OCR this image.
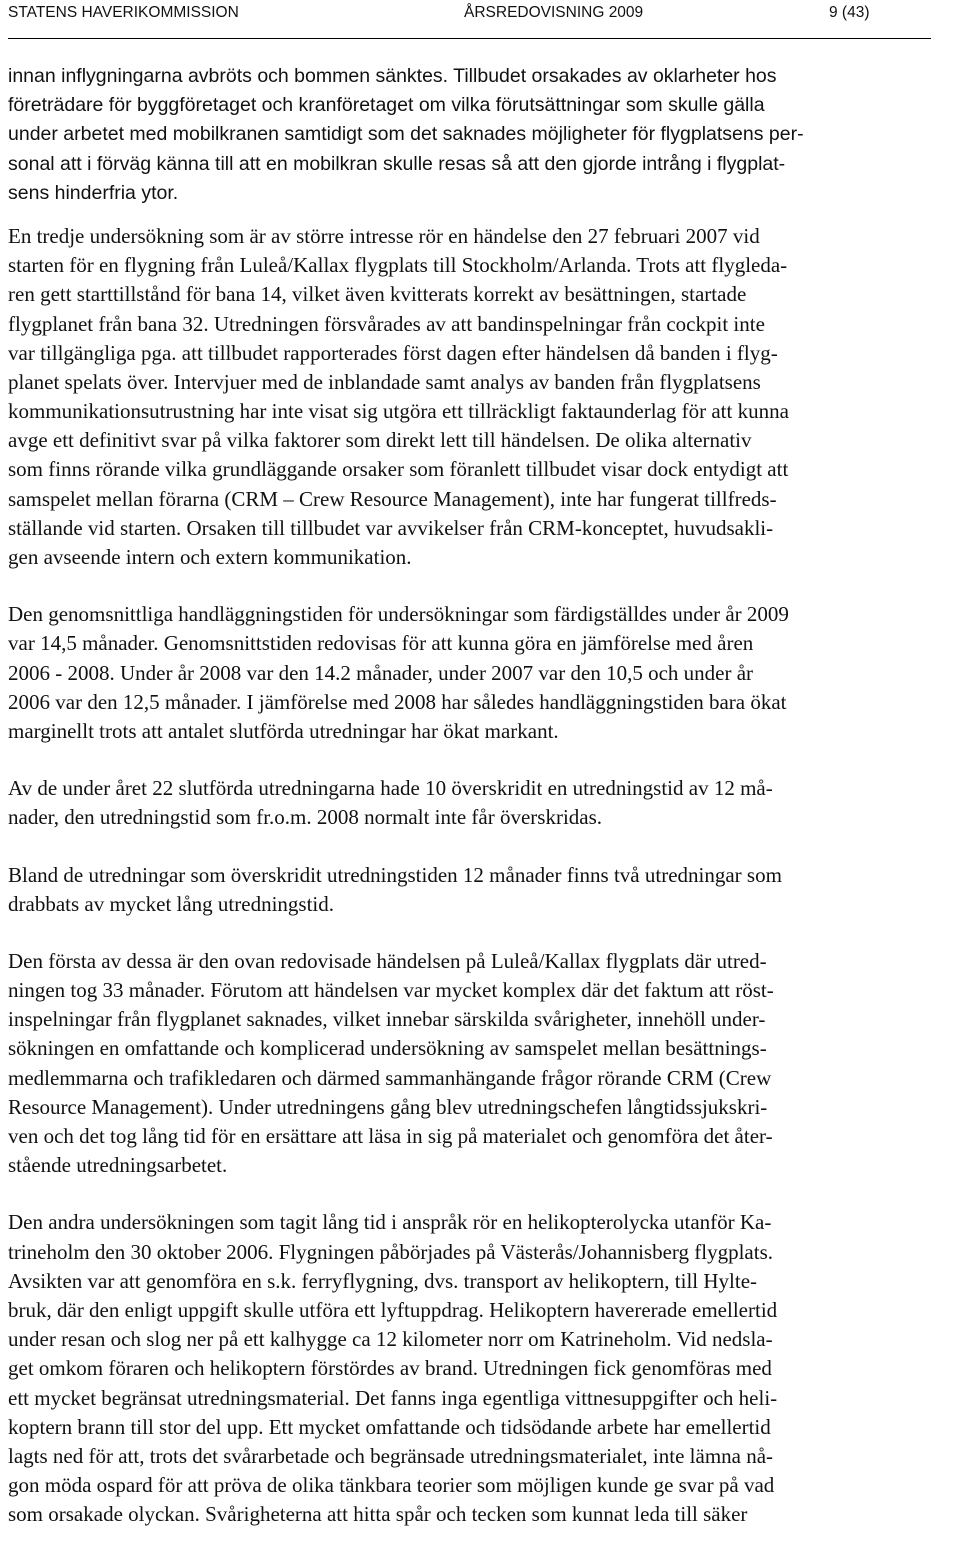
STATENS HAVERIKOMMISSION	ÅRSREDOVISNING 2009	9 (43)

innan inflygningarna avbröts och bommen sänktes. Tillbudet orsakades av oklarheter hos
företrädare för byggföretaget och kranföretaget om vilka förutsättningar som skulle gälla
under arbetet med mobilkranen samtidigt som det saknades möjligheter för flygplatsens per-
sonal att i förväg känna till att en mobilkran skulle resas så att den gjorde intrång i flygplat-
sens hinderfria ytor.

En tredje undersökning som är av större intresse rör en händelse den 27 februari 2007 vid
starten för en flygning från Luleå/Kallax flygplats till Stockholm/Arlanda. Trots att flygleda-
ren gett starttillstånd för bana 14, vilket även kvitterats korrekt av besättningen, startade
flygplanet från bana 32. Utredningen försvårades av att bandinspelningar från cockpit inte
var tillgängliga pga. att tillbudet rapporterades först dagen efter händelsen då banden i flyg-
planet spelats över. Intervjuer med de inblandade samt analys av banden från flygplatsens
kommunikationsutrustning har inte visat sig utgöra ett tillräckligt faktaunderlag för att kunna
avge ett definitivt svar på vilka faktorer som direkt lett till händelsen. De olika alternativ
som finns rörande vilka grundläggande orsaker som föranlett tillbudet visar dock entydigt att
samspelet mellan förarna (CRM – Crew Resource Management), inte har fungerat tillfreds-
ställande vid starten. Orsaken till tillbudet var avvikelser från CRM-konceptet, huvudsakli-
gen avseende intern och extern kommunikation.

Den genomsnittliga handläggningstiden för undersökningar som färdigställdes under år 2009
var 14,5 månader. Genomsnittstiden redovisas för att kunna göra en jämförelse med åren
2006 - 2008. Under år 2008 var den 14.2 månader, under 2007 var den 10,5 och under år
2006 var den 12,5 månader. I jämförelse med 2008 har således handläggningstiden bara ökat
marginellt trots att antalet slutförda utredningar har ökat markant.

Av de under året 22 slutförda utredningarna hade 10 överskridit en utredningstid av 12 må-
nader, den utredningstid som fr.o.m. 2008 normalt inte får överskridas.

Bland de utredningar som överskridit utredningstiden 12 månader finns två utredningar som
drabbats av mycket lång utredningstid.

Den första av dessa är den ovan redovisade händelsen på Luleå/Kallax flygplats där utred-
ningen tog 33 månader. Förutom att händelsen var mycket komplex där det faktum att röst-
inspelningar från flygplanet saknades, vilket innebar särskilda svårigheter, innehöll under-
sökningen en omfattande och komplicerad undersökning av samspelet mellan besättnings-
medlemmarna och trafikledaren och därmed sammanhängande frågor rörande CRM (Crew
Resource Management). Under utredningens gång blev utredningschefen långtidssjukskri-
ven och det tog lång tid för en ersättare att läsa in sig på materialet och genomföra det åter-
stående utredningsarbetet.

Den andra undersökningen som tagit lång tid i anspråk rör en helikopterolycka utanför Ka-
trineholm den 30 oktober 2006. Flygningen påbörjades på Västerås/Johannisberg flygplats.
Avsikten var att genomföra en s.k. ferryflygning, dvs. transport av helikoptern, till Hylte-
bruk, där den enligt uppgift skulle utföra ett lyftuppdrag. Helikoptern havererade emellertid
under resan och slog ner på ett kalhygge ca 12 kilometer norr om Katrineholm. Vid nedsla-
get omkom föraren och helikoptern förstördes av brand. Utredningen fick genomföras med
ett mycket begränsat utredningsmaterial. Det fanns inga egentliga vittnesuppgifter och heli-
koptern brann till stor del upp. Ett mycket omfattande och tidsödande arbete har emellertid
lagts ned för att, trots det svårarbetade och begränsade utredningsmaterialet, inte lämna nå-
gon möda ospard för att pröva de olika tänkbara teorier som möjligen kunde ge svar på vad
som orsakade olyckan. Svårigheterna att hitta spår och tecken som kunnat leda till säker
